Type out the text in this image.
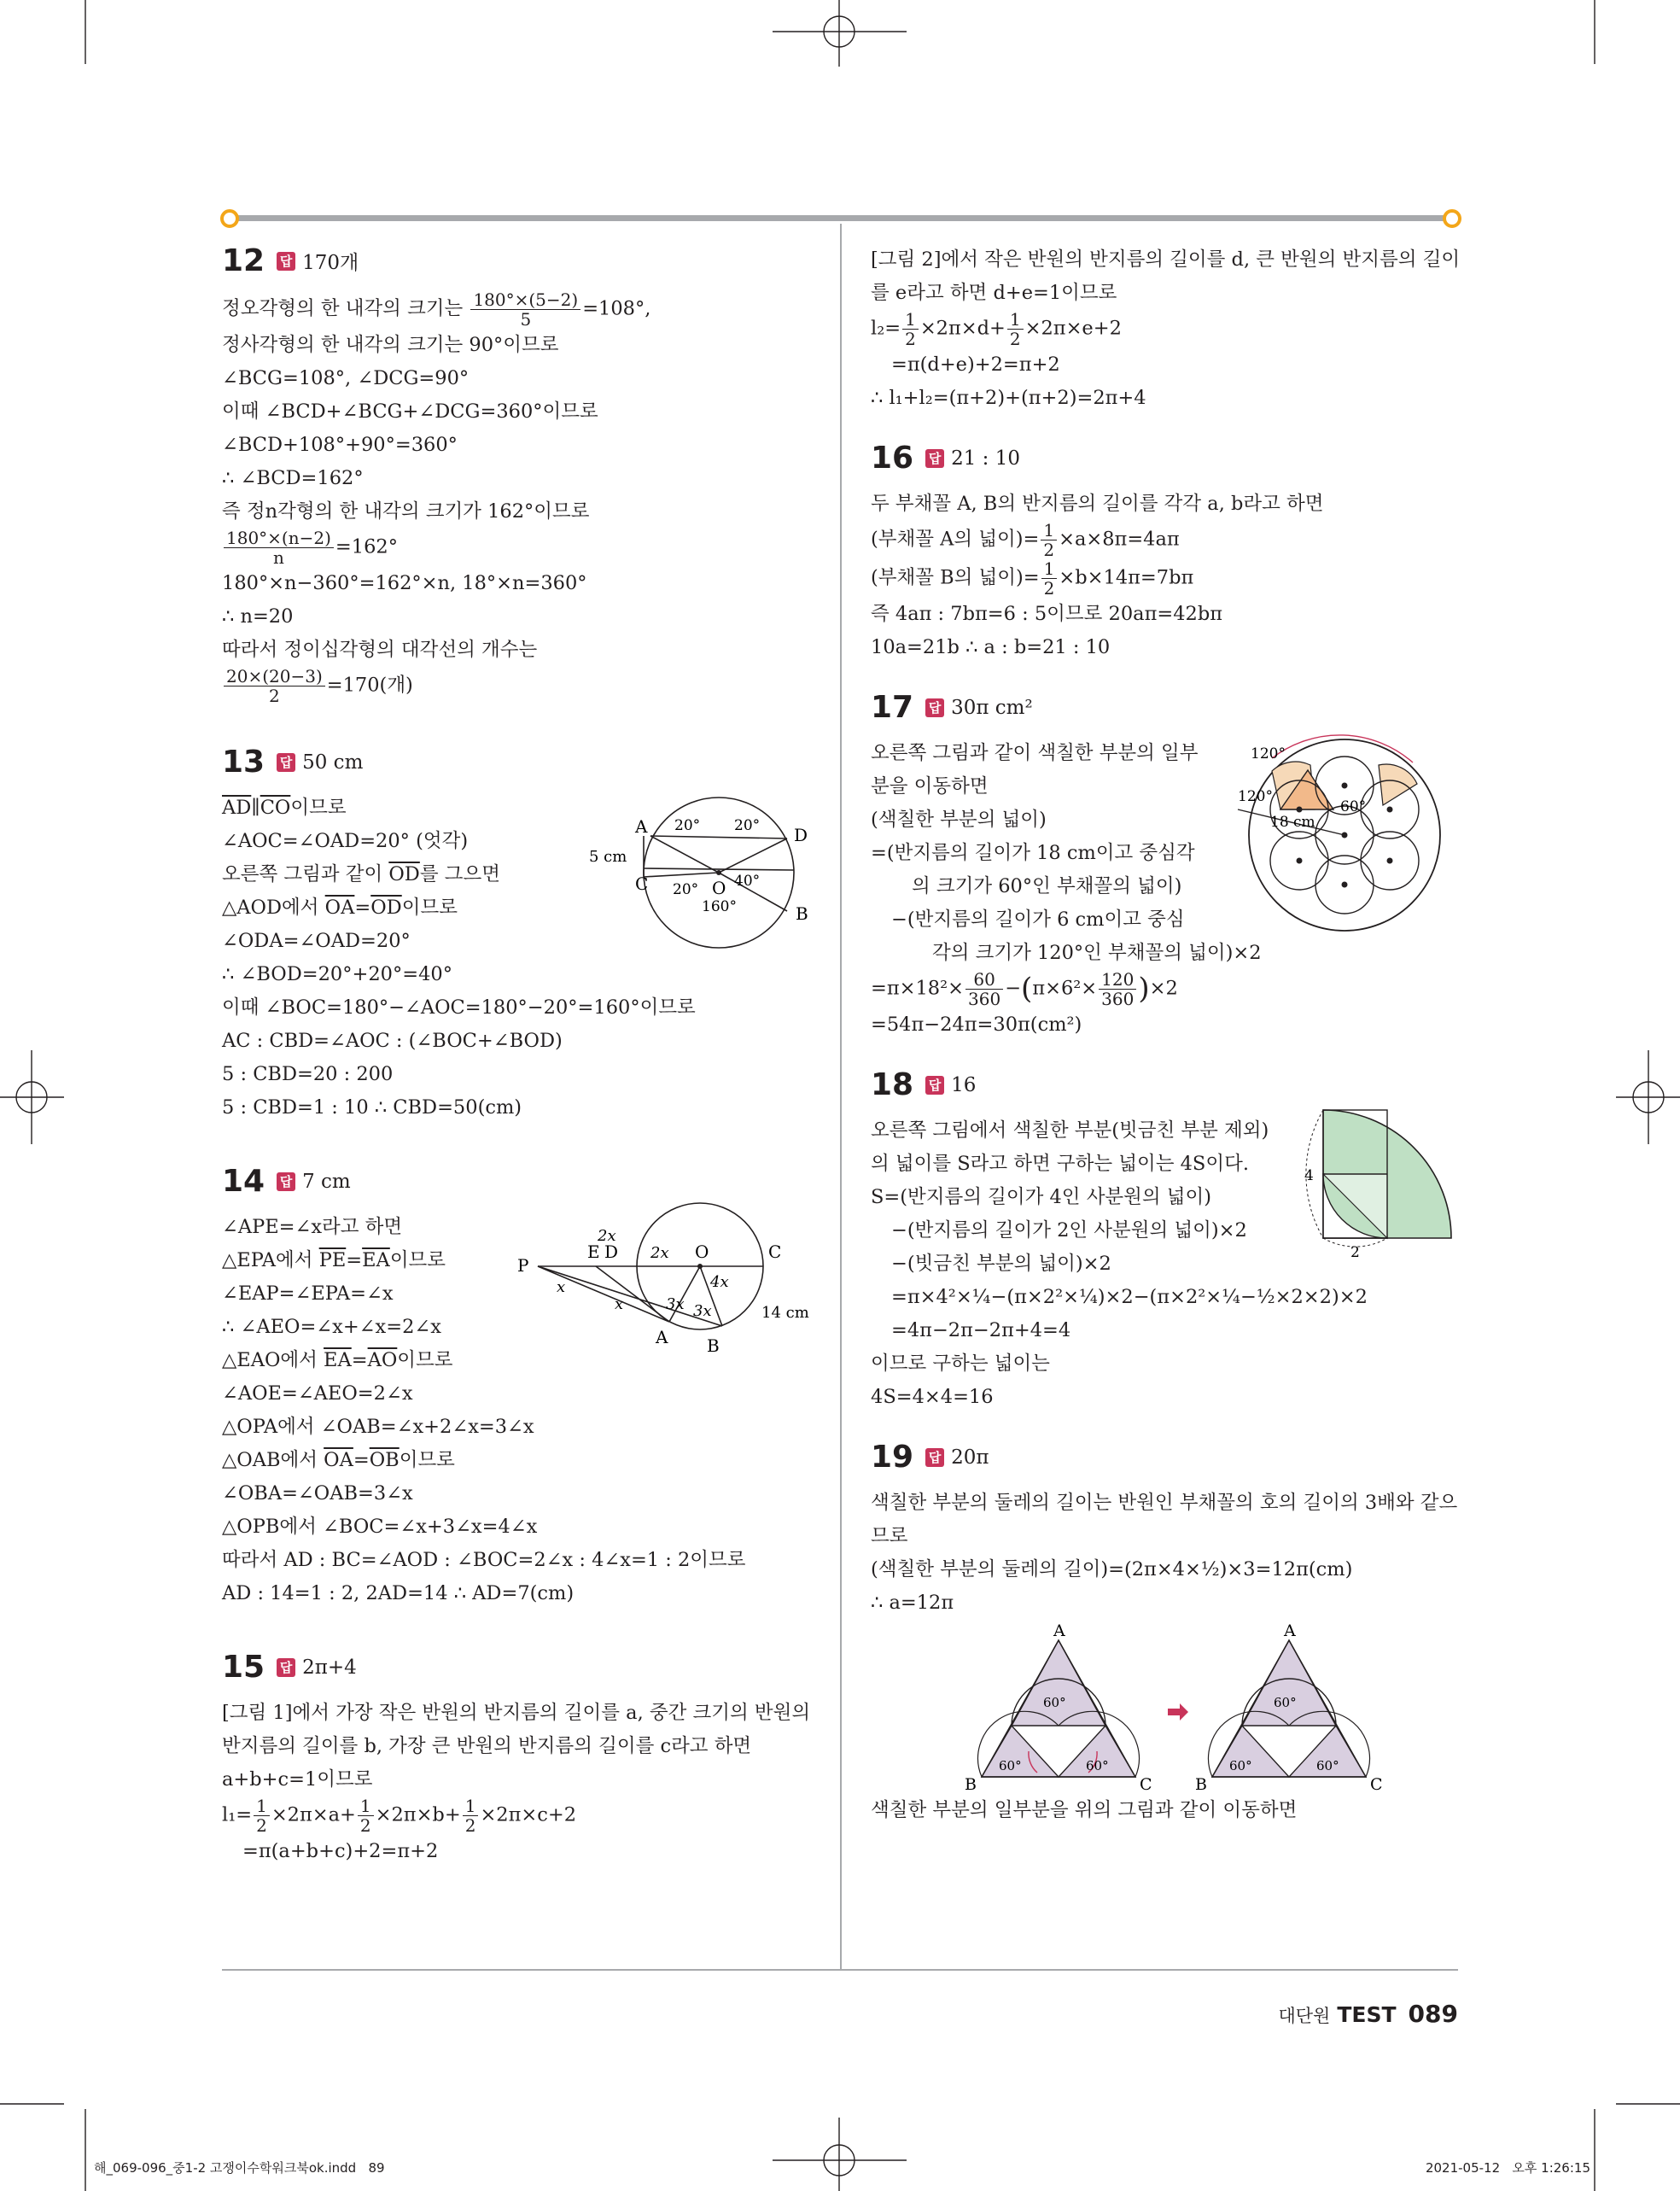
12 답 170개
정오각형의 한 내각의 크기는 $\frac{180^\circ\times(5-2)}{5} =108^\circ$,
정사각형의 한 내각의 크기는 90°이므로
∠BCG=108°, ∠DCG=90°
이때 ∠BCD+∠BCG+∠DCG=360°이므로
∠BCD+108°+90°=360°
∴ ∠BCD=162°
즉 정n각형의 한 내각의 크기가 162°이므로
$\frac{180^\circ\times(n-2)}{n} =162^\circ$
180°×n−360°=162°×n, 18°×n=360°
∴ n=20
따라서 정이십각형의 대각선의 개수는
$\frac{20\times(20-3)}{2} =170$(개)
13 답 50 cm
$\overline{AD}\parallel\overline{CO}$이므로
∠AOC=∠OAD=20° (엇각)
오른쪽 그림과 같이 $\overline{OD}$를 그으면
△AOD에서 $\overline{OA}=\overline{OD}$이므로
∠ODA=∠OAD=20°
∴ ∠BOD=20°+20°=40°
이때 ∠BOC=180°−∠AOC=180°−20°=160°이므로
AC : CBD=∠AOC : (∠BOC+∠BOD)
5 : CBD=20 : 200
5 : CBD=1 : 10 ∴ CBD=50(cm)
A	D
C	O
B
20° 20°
20° 40°
160°
5 cm
14 답 7 cm
∠APE=∠x라고 하면
△EPA에서 $\overline{PE}=\overline{EA}$이므로
∠EAP=∠EPA=∠x
∴ ∠AEO=∠x+∠x=2∠x
△EAO에서 $\overline{EA}=\overline{AO}$이므로
∠AOE=∠AEO=2∠x
△OPA에서 ∠OAB=∠x+2∠x=3∠x
△OAB에서 $\overline{OA}=\overline{OB}$이므로
∠OBA=∠OAB=3∠x
△OPB에서 ∠BOC=∠x+3∠x=4∠x
따라서 AD : BC=∠AOD : ∠BOC=2∠x : 4∠x=1 : 2이므로
AD : 14=1 : 2, 2AD=14 ∴ AD=7(cm)
P
E D	O	C
A B
x
x
2x
2x
4x
3x 3x	14 cm
15 답 2π+4
[그림 1]에서 가장 작은 반원의 반지름의 길이를 a, 중간 크기의 반원의
반지름의 길이를 b, 가장 큰 반원의 반지름의 길이를 c라고 하면
a+b+c=1이므로
$l_1= \frac{1}{2} \times 2\pi\times a+ \frac{1}{2} \times 2\pi\times b+ \frac{1}{2} \times 2\pi\times c+2$
=π(a+b+c)+2=π+2
[그림 2]에서 작은 반원의 반지름의 길이를 d, 큰 반원의 반지름의 길이
를 e라고 하면 d+e=1이므로
$l_2= \frac{1}{2} \times 2\pi\times d+ \frac{1}{2} \times 2\pi\times e+2$
=π(d+e)+2=π+2
∴ l₁+l₂=(π+2)+(π+2)=2π+4
16 답 21 : 10
두 부채꼴 A, B의 반지름의 길이를 각각 a, b라고 하면
(부채꼴 A의 넓이)= $\frac{1}{2} \times a\times 8\pi=4a\pi$
(부채꼴 B의 넓이)= $\frac{1}{2} \times b\times 14\pi=7b\pi$
즉 4aπ : 7bπ=6 : 5이므로 20aπ=42bπ
10a=21b ∴ a : b=21 : 10
17 답 30π cm²
오른쪽 그림과 같이 색칠한 부분의 일부
분을 이동하면
(색칠한 부분의 넓이)
=(반지름의 길이가 18 cm이고 중심각
의 크기가 60°인 부채꼴의 넓이)
−(반지름의 길이가 6 cm이고 중심
각의 크기가 120°인 부채꼴의 넓이)×2
$=\pi\times 18^2\times \frac{60}{360} -(\pi\times 6^2\times \frac{120}{360} )\times 2$
=54π−24π=30π(cm²)
120°
120°
60°
18 cm
18 답 16
오른쪽 그림에서 색칠한 부분(빗금친 부분 제외)
의 넓이를 S라고 하면 구하는 넓이는 4S이다.
S=(반지름의 길이가 4인 사분원의 넓이)
−(반지름의 길이가 2인 사분원의 넓이)×2
−(빗금친 부분의 넓이)×2
=π×4²×¼−(π×2²×¼)×2−(π×2²×¼−½×2×2)×2
=4π−2π−2π+4=4
이므로 구하는 넓이는
4S=4×4=16
4
2
19 답 20π
색칠한 부분의 둘레의 길이는 반원인 부채꼴의 호의 길이의 3배와 같으
므로
(색칠한 부분의 둘레의 길이)=(2π×4×½)×3=12π(cm)
∴ a=12π
A
B	C
60°
60°	60°
A
B	C
60°
60°	60°
색칠한 부분의 일부분을 위의 그림과 같이 이동하면
대단원 TEST 089
해_069-096_중1-2 고쟁이수학워크북ok.indd   89	2021-05-12   오후 1:26:15
